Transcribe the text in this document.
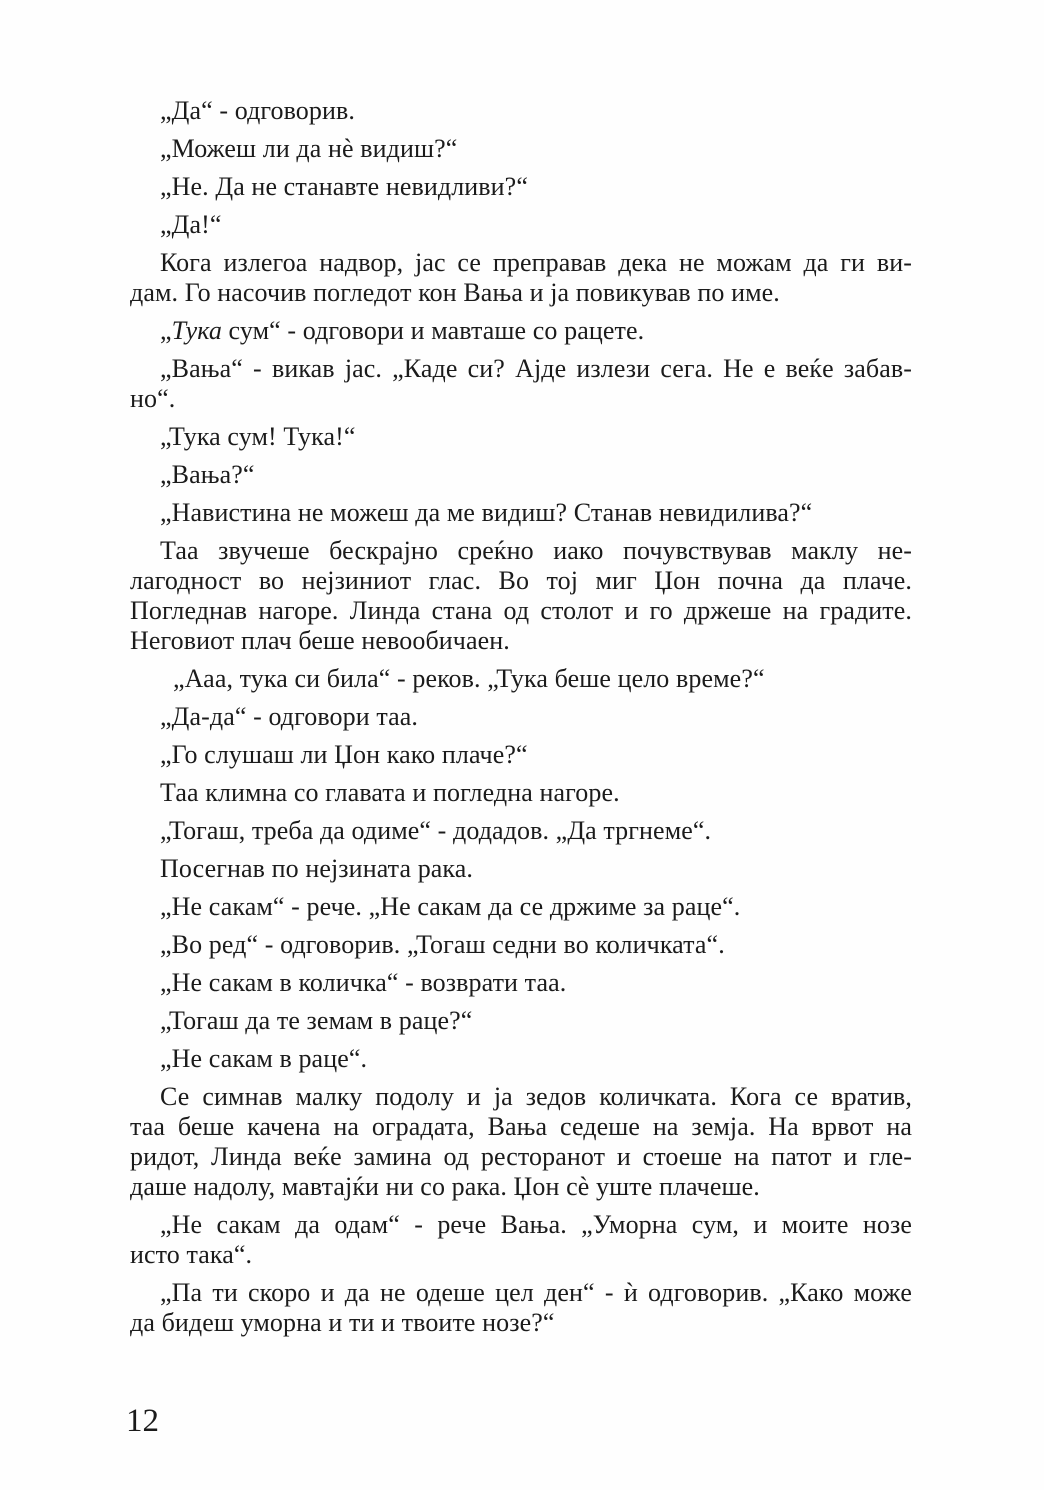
„Да“ - одговорив.
„Можеш ли да нѐ видиш?“
„Не. Да не станавте невидливи?“
„Да!“
Кога излегоа надвор, јас се преправав дека не можам да ги ви-
дам. Го насочив погледот кон Вања и ја повикував по име.
„Тука сум“ - одговори и мавташе со рацете.
„Вања“ - викав јас. „Каде си? Ајде излези сега. Не е веќе забав-
но“.
„Тука сум! Тука!“
„Вања?“
„Навистина не можеш да ме видиш? Станав невидилива?“
Таа звучеше бескрајно среќно иако почувствував маклу не-
лагодност во нејзиниот глас. Во тој миг Џон почна да плаче.
Погледнав нагоре. Линда стана од столот и го држеше на градите.
Неговиот плач беше невообичаен.
„Ааа, тука си била“ - реков. „Тука беше цело време?“
„Да-да“ - одговори таа.
„Го слушаш ли Џон како плаче?“
Таа климна со главата и погледна нагоре.
„Тогаш, треба да одиме“ - додадов. „Да тргнеме“.
Посегнав по нејзината рака.
„Не сакам“ - рече. „Не сакам да се држиме за раце“.
„Во ред“ - одговорив. „Тогаш седни во количката“.
„Не сакам в количка“ - возврати таа.
„Тогаш да те земам в раце?“
„Не сакам в раце“.
Се симнав малку подолу и ја зедов количката. Кога се вратив,
таа беше качена на оградата, Вања седеше на земја. На врвот на
ридот, Линда веќе замина од ресторанот и стоеше на патот и гле-
даше надолу, мавтајќи ни со рака. Џон сѐ уште плачеше.
„Не сакам да одам“ - рече Вања. „Уморна сум, и моите нозе
исто така“.
„Па ти скоро и да не одеше цел ден“ - ѝ одговорив. „Како може
да бидеш уморна и ти и твоите нозе?“
12
